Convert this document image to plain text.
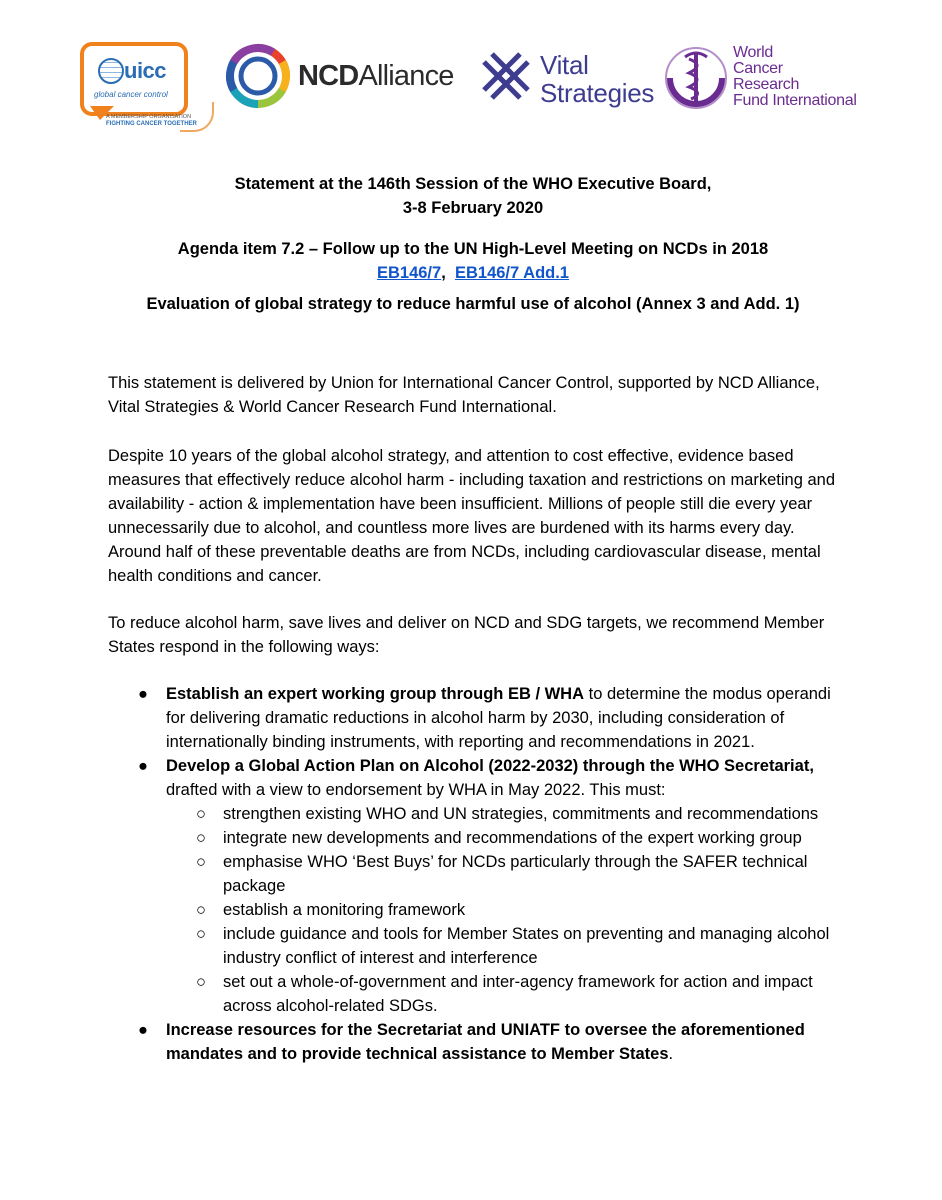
uicc
global cancer control
A MEMBERSHIP ORGANISATION
FIGHTING CANCER TOGETHER
NCDAlliance	Vital
Strategies
World
Cancer
Research
Fund International
Statement at the 146th Session of the WHO Executive Board,
3-8 February 2020
Agenda item 7.2 – Follow up to the UN High-Level Meeting on NCDs in 2018
EB146/7,  EB146/7 Add.1
Evaluation of global strategy to reduce harmful use of alcohol (Annex 3 and Add. 1)
This statement is delivered by Union for International Cancer Control, supported by NCD Alliance, Vital Strategies & World Cancer Research Fund International.
Despite 10 years of the global alcohol strategy, and attention to cost effective, evidence based measures that effectively reduce alcohol harm - including taxation and restrictions on marketing and availability - action & implementation have been insufficient. Millions of people still die every year unnecessarily due to alcohol, and countless more lives are burdened with its harms every day. Around half of these preventable deaths are from NCDs, including cardiovascular disease, mental health conditions and cancer.
To reduce alcohol harm, save lives and deliver on NCD and SDG targets, we recommend Member States respond in the following ways:
● Establish an expert working group through EB / WHA to determine the modus operandi for delivering dramatic reductions in alcohol harm by 2030, including consideration of internationally binding instruments, with reporting and recommendations in 2021.
● Develop a Global Action Plan on Alcohol (2022-2032) through the WHO Secretariat, drafted with a view to endorsement by WHA in May 2022. This must:
○ strengthen existing WHO and UN strategies, commitments and recommendations
○ integrate new developments and recommendations of the expert working group
○ emphasise WHO ‘Best Buys’ for NCDs particularly through the SAFER technical package
○ establish a monitoring framework
○ include guidance and tools for Member States on preventing and managing alcohol industry conflict of interest and interference
○ set out a whole-of-government and inter-agency framework for action and impact across alcohol-related SDGs.
● Increase resources for the Secretariat and UNIATF to oversee the aforementioned mandates and to provide technical assistance to Member States.
